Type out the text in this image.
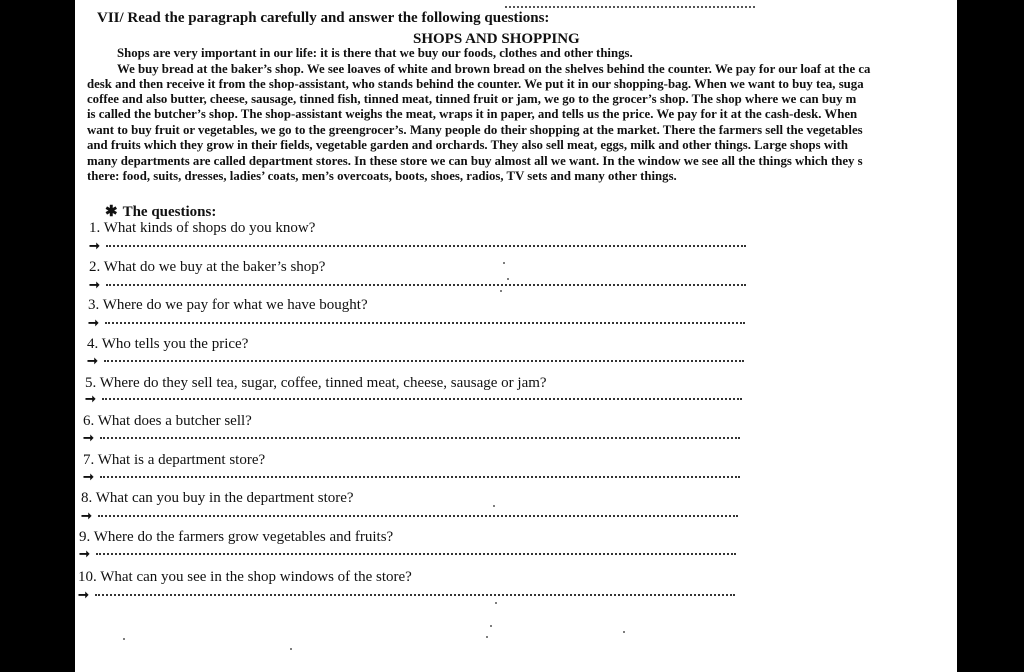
VII/ Read the paragraph carefully and answer the following questions:
SHOPS AND SHOPPING
Shops are very important in our life: it is there that we buy our foods, clothes and other things.
We buy bread at the baker’s shop. We see loaves of white and brown bread on the shelves behind the counter. We pay for our loaf at the ca
desk and then receive it from the shop-assistant, who stands behind the counter. We put it in our shopping-bag. When we want to buy tea, suga
coffee and also butter, cheese, sausage, tinned fish, tinned meat, tinned fruit or jam, we go to the grocer’s shop. The shop where we can buy m
is called the butcher’s shop. The shop-assistant weighs the meat, wraps it in paper, and tells us the price. We pay for it at the cash-desk. When
want to buy fruit or vegetables, we go to the greengrocer’s. Many people do their shopping at the market. There the farmers sell the vegetables
and fruits which they grow in their fields, vegetable garden and orchards. They also sell meat, eggs, milk and other things. Large shops with
many departments are called department stores. In these store we can buy almost all we want. In the window we see all the things which they s
there: food, suits, dresses, ladies’ coats, men’s overcoats, boots, shoes, radios, TV sets and many other things.
✱ The questions:
1. What kinds of shops do you know?
➞
2. What do we buy at the baker’s shop?
➞
3. Where do we pay for what we have bought?
➞
4. Who tells you the price?
➞
5. Where do they sell tea, sugar, coffee, tinned meat, cheese, sausage or jam?
➞
6. What does a butcher sell?
➞
7. What is a department store?
➞
8. What can you buy in the department store?
➞
9. Where do the farmers grow vegetables and fruits?
➞
10. What can you see in the shop windows of the store?
➞
